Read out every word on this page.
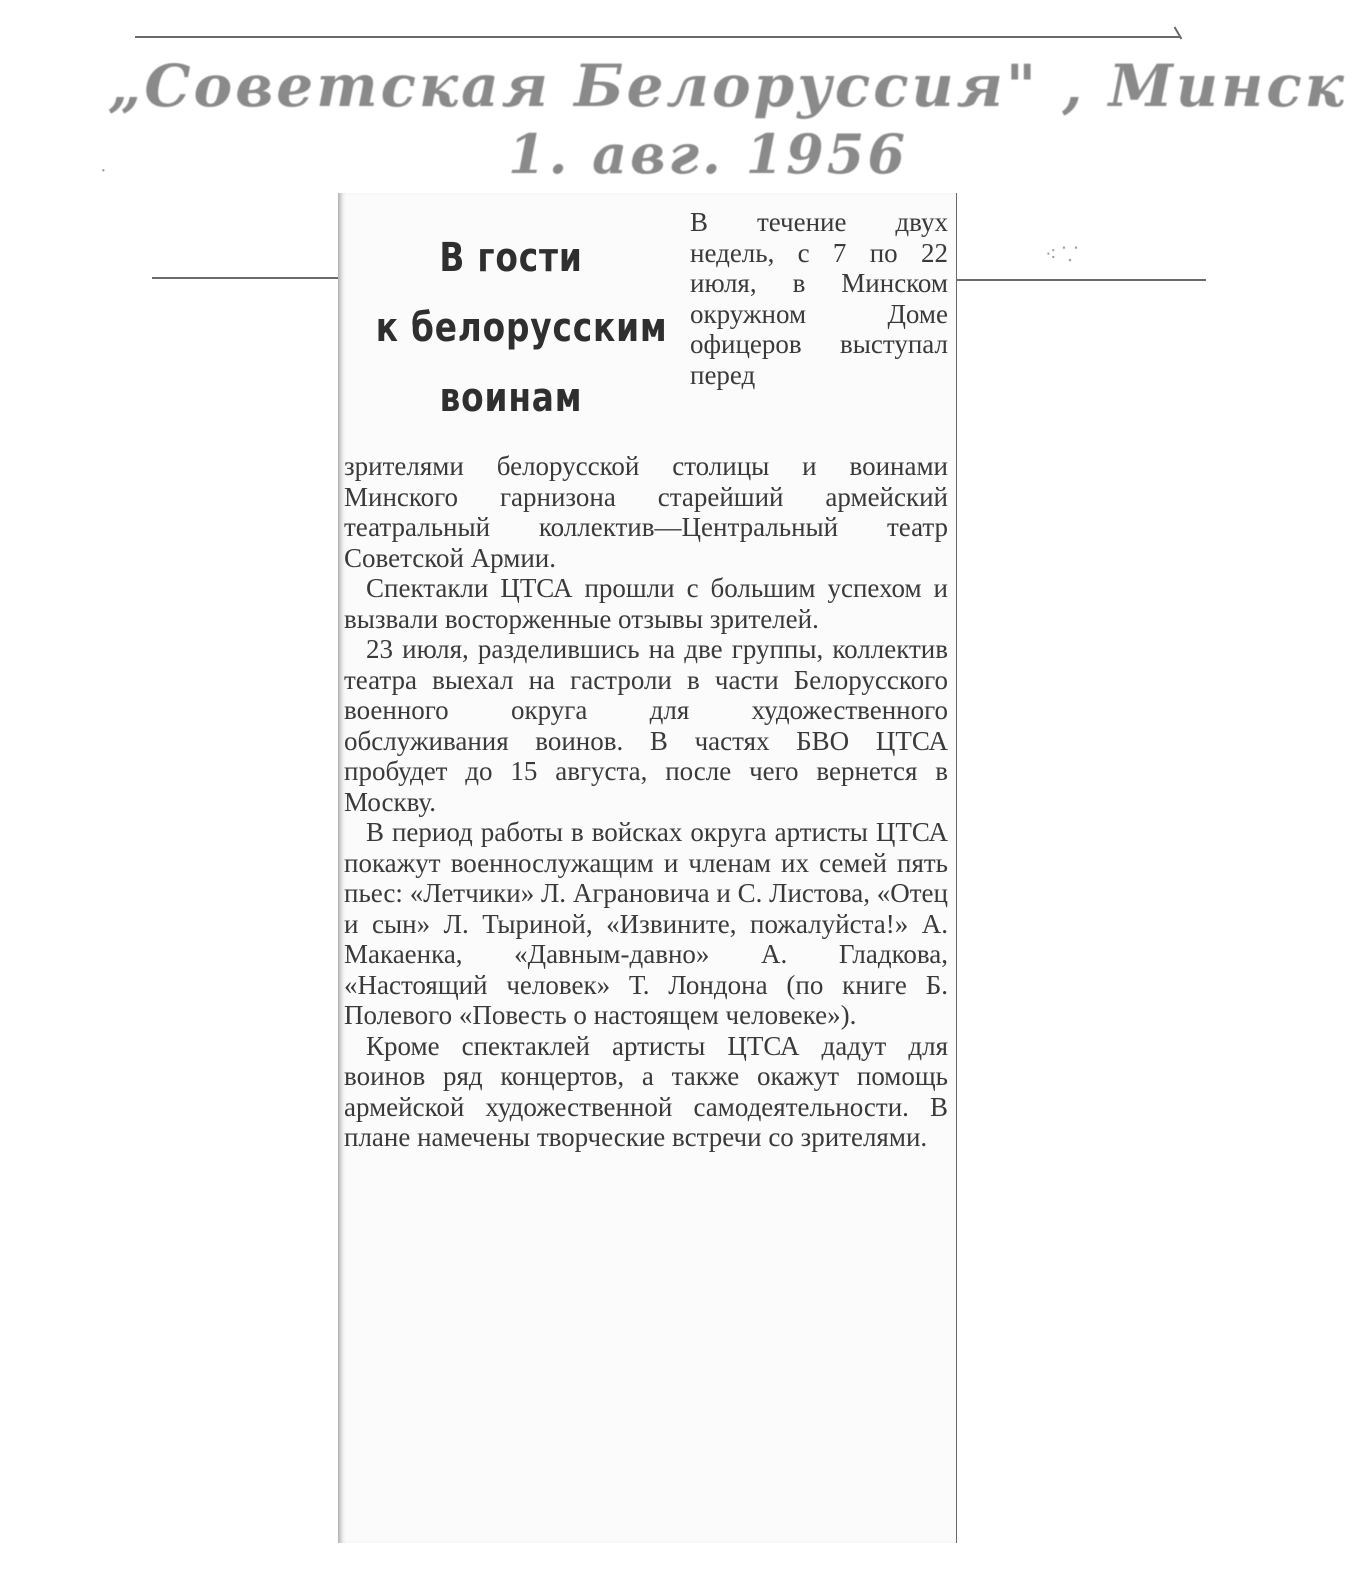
„Советская Белоруссия" , Минск
1. авг. 1956
⁖ ⸪
·
В гости
к белорусским
воинам

В течение двух недель, с 7 по 22 июля, в Минском окружном Доме офицеров выступал перед

зрителями белорусской столицы и воинами Минского гарнизона старейший армейский театральный коллектив—Центральный театр Советской Армии.

Спектакли ЦТСА прошли с большим успехом и вызвали восторженные отзывы зрителей.

23 июля, разделившись на две группы, коллектив театра выехал на гастроли в части Белорусского военного округа для художественного обслуживания воинов. В частях БВО ЦТСА пробудет до 15 августа, после чего вернется в Москву.

В период работы в войсках округа артисты ЦТСА покажут военнослужащим и членам их семей пять пьес: «Летчики» Л. Аграновича и С. Листова, «Отец и сын» Л. Тыриной, «Извините, пожалуйста!» А. Макаенка, «Давным-давно» А. Гладкова, «Настоящий человек» Т. Лондона (по книге Б. Полевого «Повесть о настоящем человеке»).

Кроме спектаклей артисты ЦТСА дадут для воинов ряд концертов, а также окажут помощь армейской художественной самодеятельности. В плане намечены творческие встречи со зрителями.
